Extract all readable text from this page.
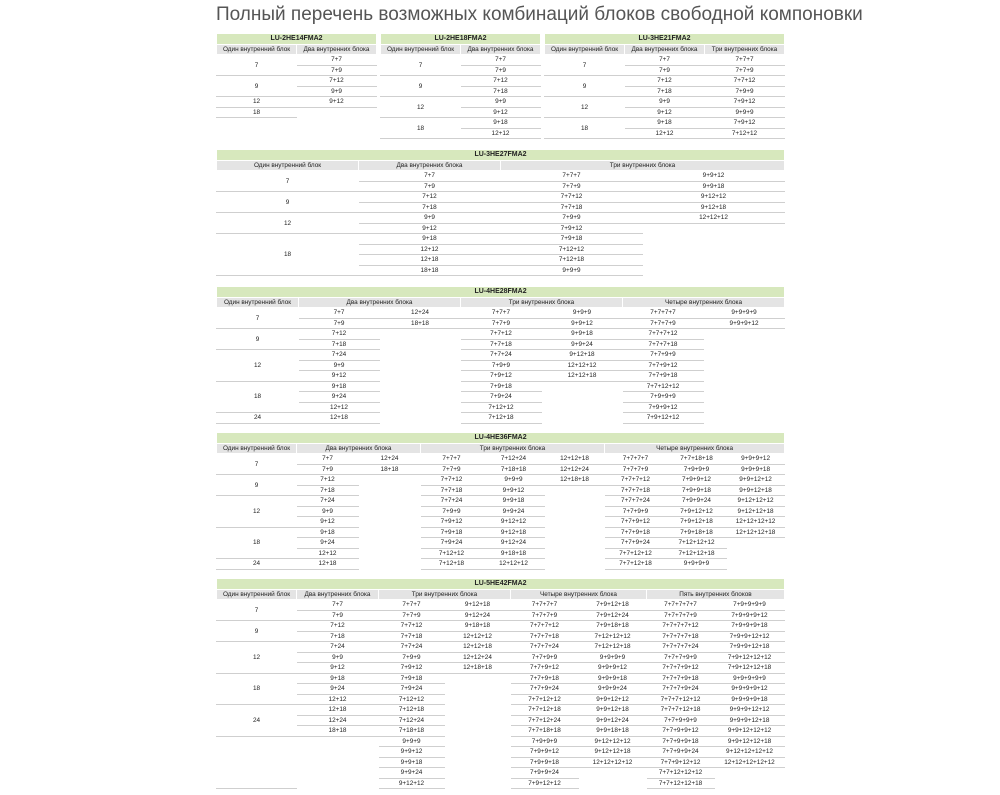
Полный перечень возможных комбинаций блоков свободной компоновки
LU-2HE14FMA2	
Один внутренний блок	Два внутренних блока
7	7+7
	7+9
9	7+12
	9+9
12	9+12
18	
LU-2HE18FMA2	
Один внутренний блок	Два внутренних блока
7	7+7
	7+9
9	7+12
	7+18
12	9+9
	9+12
18	9+18
	12+12
LU-3HE21FMA2		
Один внутренний блок	Два внутренних блока	Три внутренних блока
7	7+7	7+7+7
	7+9	7+7+9
9	7+12	7+7+12
	7+18	7+9+9
12	9+9	7+9+12
	9+12	9+9+9
18	9+18	7+9+12
	12+12	7+12+12
LU-3HE27FMA2			
Один внутренний блок	Два внутренних блока	Три внутренних блока	
7	7+7	7+7+7	9+9+12
	7+9	7+7+9	9+9+18
9	7+12	7+7+12	9+12+12
	7+18	7+7+18	9+12+18
12	9+9	7+9+9	12+12+12
	9+12	7+9+12	
18	9+18	7+9+18	
	12+12	7+12+12	
	12+18	7+12+18	
	18+18	9+9+9	
LU-4HE28FMA2						
Один внутренний блок	Два внутренних блока		Три внутренних блока		Четыре внутренних блока	
7	7+7	12+24	7+7+7	9+9+9	7+7+7+7	9+9+9+9
	7+9	18+18	7+7+9	9+9+12	7+7+7+9	9+9+9+12
9	7+12		7+7+12	9+9+18	7+7+7+12	
	7+18		7+7+18	9+9+24	7+7+7+18	
12	7+24		7+7+24	9+12+18	7+7+9+9	
	9+9		7+9+9	12+12+12	7+7+9+12	
	9+12		7+9+12	12+12+18	7+7+9+18	
18	9+18		7+9+18		7+7+12+12	
	9+24		7+9+24		7+9+9+9	
	12+12		7+12+12		7+9+9+12	
24	12+18		7+12+18		7+9+12+12	
LU-4HE36FMA2								
Один внутренний блок	Два внутренних блока		Три внутренних блока			Четыре внутренних блока		
7	7+7	12+24	7+7+7	7+12+24	12+12+18	7+7+7+7	7+7+18+18	9+9+9+12
	7+9	18+18	7+7+9	7+18+18	12+12+24	7+7+7+9	7+9+9+9	9+9+9+18
9	7+12		7+7+12	9+9+9	12+18+18	7+7+7+12	7+9+9+12	9+9+12+12
	7+18		7+7+18	9+9+12		7+7+7+18	7+9+9+18	9+9+12+18
12	7+24		7+7+24	9+9+18		7+7+7+24	7+9+9+24	9+12+12+12
	9+9		7+9+9	9+9+24		7+7+9+9	7+9+12+12	9+12+12+18
	9+12		7+9+12	9+12+12		7+7+9+12	7+9+12+18	12+12+12+12
18	9+18		7+9+18	9+12+18		7+7+9+18	7+9+18+18	12+12+12+18
	9+24		7+9+24	9+12+24		7+7+9+24	7+12+12+12	
	12+12		7+12+12	9+18+18		7+7+12+12	7+12+12+18	
24	12+18		7+12+18	12+12+12		7+7+12+18	9+9+9+9	
LU-5HE42FMA2							
Один внутренний блок	Два внутренних блока	Три внутренних блока		Четыре внутренних блока		Пять внутренних блоков	
7	7+7	7+7+7	9+12+18	7+7+7+7	7+9+12+18	7+7+7+7+7	7+9+9+9+9
	7+9	7+7+9	9+12+24	7+7+7+9	7+9+12+24	7+7+7+7+9	7+9+9+9+12
9	7+12	7+7+12	9+18+18	7+7+7+12	7+9+18+18	7+7+7+7+12	7+9+9+9+18
	7+18	7+7+18	12+12+12	7+7+7+18	7+12+12+12	7+7+7+7+18	7+9+9+12+12
12	7+24	7+7+24	12+12+18	7+7+7+24	7+12+12+18	7+7+7+7+24	7+9+9+12+18
	9+9	7+9+9	12+12+24	7+7+9+9	9+9+9+9	7+7+7+9+9	7+9+12+12+12
	9+12	7+9+12	12+18+18	7+7+9+12	9+9+9+12	7+7+7+9+12	7+9+12+12+18
18	9+18	7+9+18		7+7+9+18	9+9+9+18	7+7+7+9+18	9+9+9+9+9
	9+24	7+9+24		7+7+9+24	9+9+9+24	7+7+7+9+24	9+9+9+9+12
	12+12	7+12+12		7+7+12+12	9+9+12+12	7+7+7+12+12	9+9+9+9+18
24	12+18	7+12+18		7+7+12+18	9+9+12+18	7+7+7+12+18	9+9+9+12+12
	12+24	7+12+24		7+7+12+24	9+9+12+24	7+7+9+9+9	9+9+9+12+18
	18+18	7+18+18		7+7+18+18	9+9+18+18	7+7+9+9+12	9+9+12+12+12
		9+9+9		7+9+9+9	9+12+12+12	7+7+9+9+18	9+9+12+12+18
		9+9+12		7+9+9+12	9+12+12+18	7+7+9+9+24	9+12+12+12+12
		9+9+18		7+9+9+18	12+12+12+12	7+7+9+12+12	12+12+12+12+12
		9+9+24		7+9+9+24		7+7+12+12+12	
		9+12+12		7+9+12+12		7+7+12+12+18	
